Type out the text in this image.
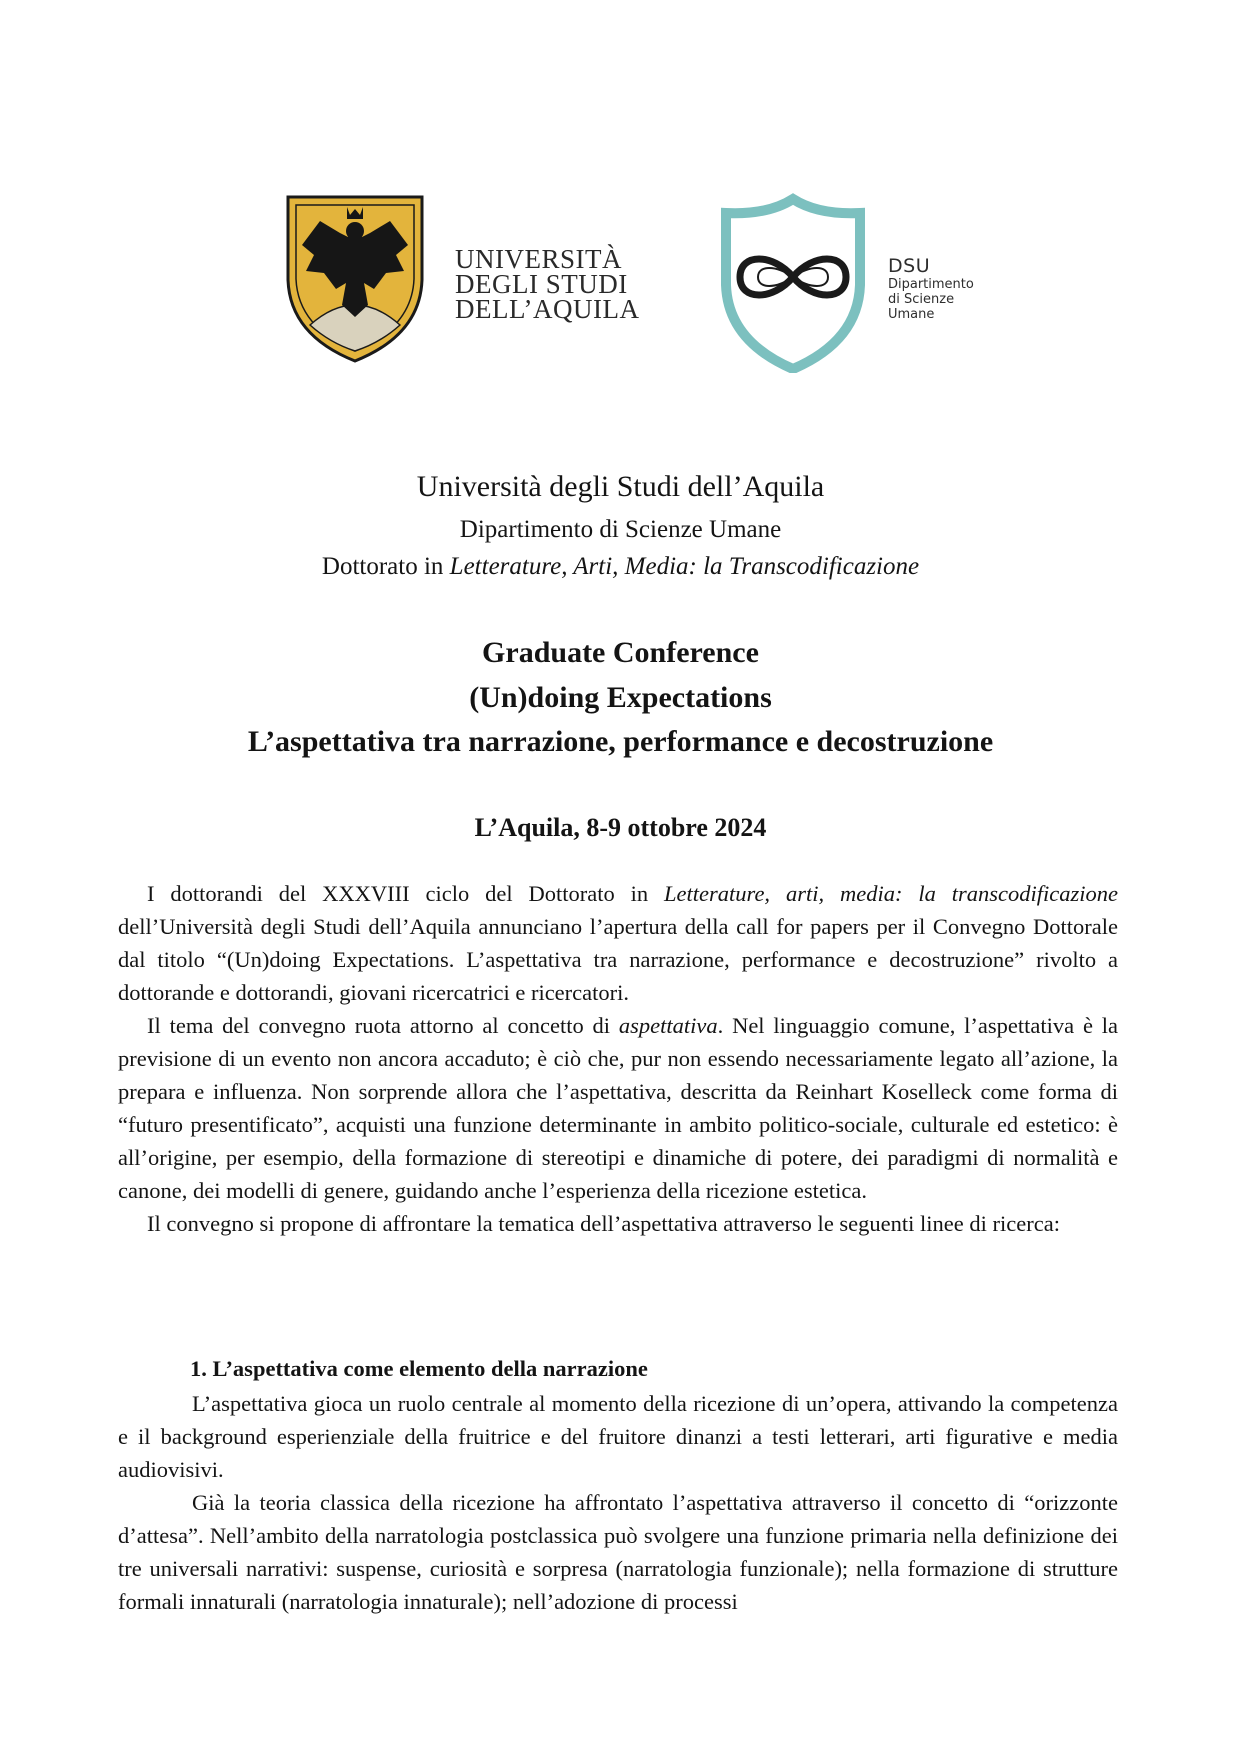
UNIVERSITÀ
DEGLI STUDI
DELL’AQUILA
DSU
Dipartimento
di Scienze
Umane
Università degli Studi dell’Aquila
Dipartimento di Scienze Umane
Dottorato in Letterature, Arti, Media: la Transcodificazione
Graduate Conference
(Un)doing Expectations
L’aspettativa tra narrazione, performance e decostruzione
L’Aquila, 8-9 ottobre 2024

I dottorandi del XXXVIII ciclo del Dottorato in Letterature, arti, media: la transcodificazione dell’Università degli Studi dell’Aquila annunciano l’apertura della call for papers per il Convegno Dottorale dal titolo “(Un)doing Expectations. L’aspettativa tra narrazione, performance e decostruzione” rivolto a dottorande e dottorandi, giovani ricercatrici e ricercatori.

Il tema del convegno ruota attorno al concetto di aspettativa. Nel linguaggio comune, l’aspettativa è la previsione di un evento non ancora accaduto; è ciò che, pur non essendo necessariamente legato all’azione, la prepara e influenza. Non sorprende allora che l’aspettativa, descritta da Reinhart Koselleck come forma di “futuro presentificato”, acquisti una funzione determinante in ambito politico-sociale, culturale ed estetico: è all’origine, per esempio, della formazione di stereotipi e dinamiche di potere, dei paradigmi di normalità e canone, dei modelli di genere, guidando anche l’esperienza della ricezione estetica.

Il convegno si propone di affrontare la tematica dell’aspettativa attraverso le seguenti linee di ricerca:

1. L’aspettativa come elemento della narrazione

L’aspettativa gioca un ruolo centrale al momento della ricezione di un’opera, attivando la competenza e il background esperienziale della fruitrice e del fruitore dinanzi a testi letterari, arti figurative e media audiovisivi.

Già la teoria classica della ricezione ha affrontato l’aspettativa attraverso il concetto di “orizzonte d’attesa”. Nell’ambito della narratologia postclassica può svolgere una funzione primaria nella definizione dei tre universali narrativi: suspense, curiosità e sorpresa (narratologia funzionale); nella formazione di strutture formali innaturali (narratologia innaturale); nell’adozione di processi
